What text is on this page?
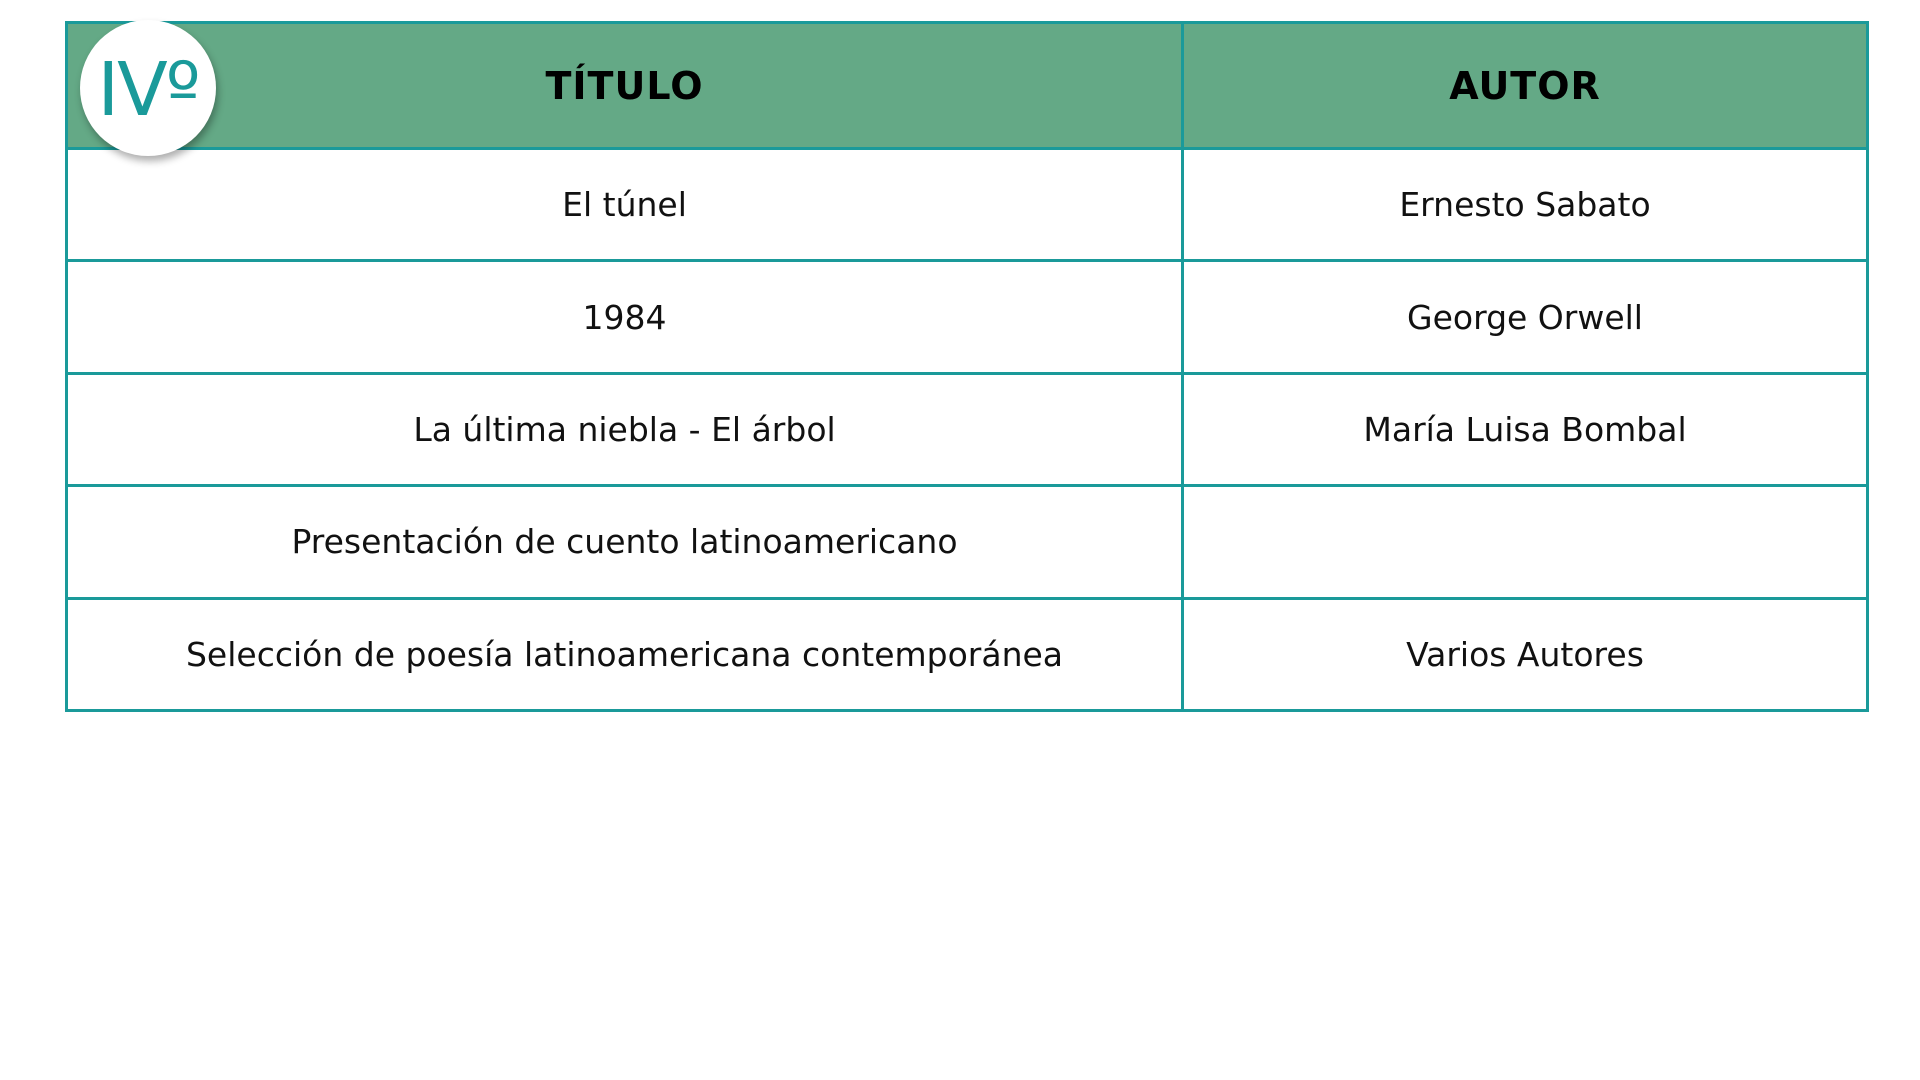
IVº	TÍTULO	AUTOR
El túnel	Ernesto Sabato
1984	George Orwell
La última niebla - El árbol	María Luisa Bombal
Presentación de cuento latinoamericano	
Selección de poesía latinoamericana contemporánea	Varios Autores
